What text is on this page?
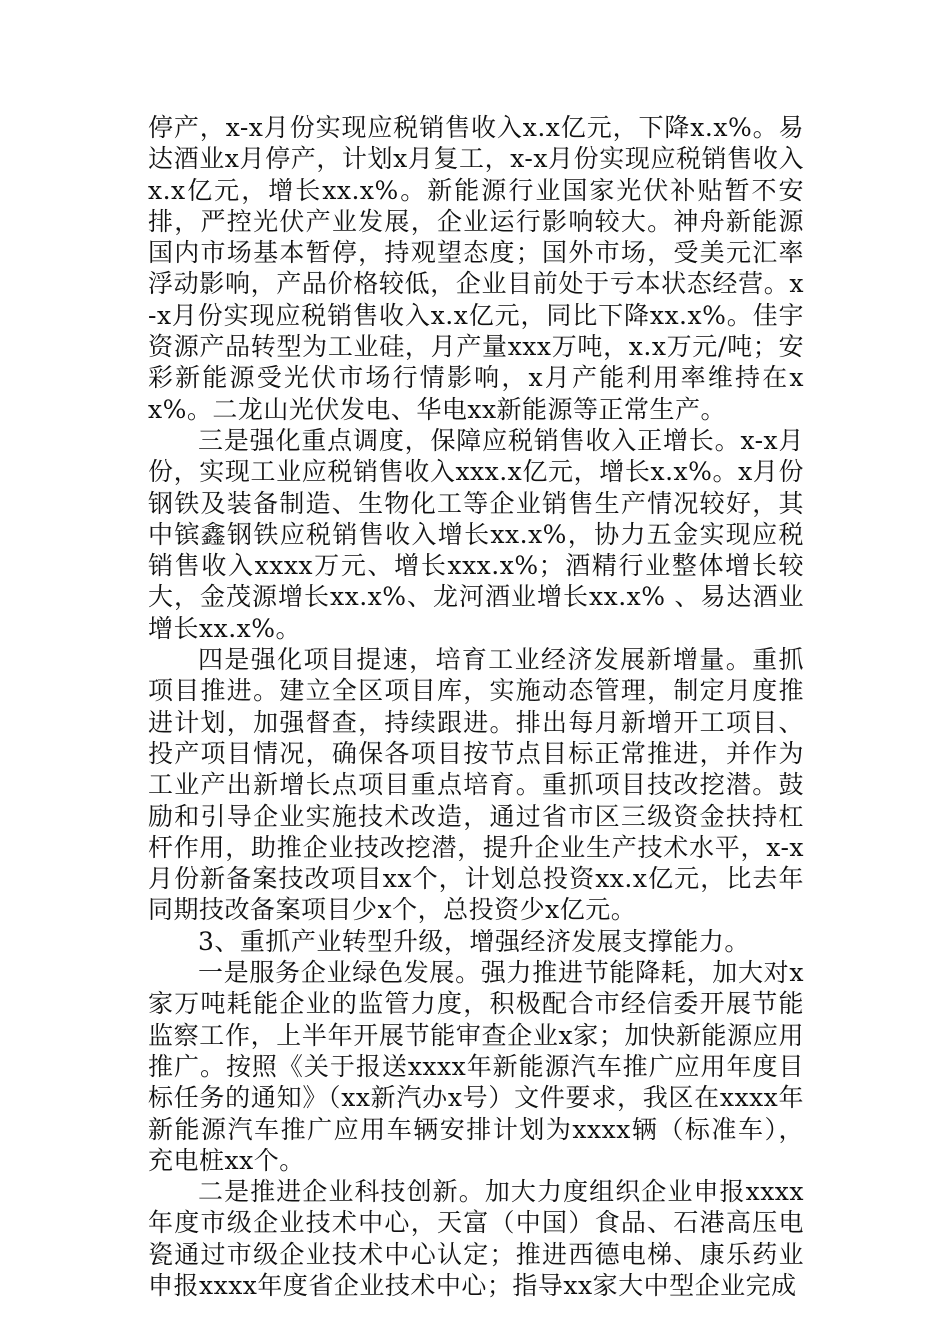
停产，x-x月份实现应税销售收入x.x亿元，下降x.x%。易达酒业x月停产，计划x月复工，x-x月份实现应税销售收入x.x亿元，增长xx.x%。新能源行业国家光伏补贴暂不安排，严控光伏产业发展，企业运行影响较大。神舟新能源国内市场基本暂停，持观望态度；国外市场，受美元汇率浮动影响，产品价格较低，企业目前处于亏本状态经营。x-x月份实现应税销售收入x.x亿元，同比下降xx.x%。佳宇资源产品转型为工业硅，月产量xxx万吨，x.x万元/吨；安彩新能源受光伏市场行情影响，x月产能利用率维持在xx%。二龙山光伏发电、华电xx新能源等正常生产。

三是强化重点调度，保障应税销售收入正增长。x-x月份，实现工业应税销售收入xxx.x亿元，增长x.x%。x月份钢铁及装备制造、生物化工等企业销售生产情况较好，其中镔鑫钢铁应税销售收入增长xx.x%，协力五金实现应税销售收入xxxx万元、增长xxx.x%；酒精行业整体增长较大，金茂源增长xx.x%、龙河酒业增长xx.x% 、易达酒业增长xx.x%。

四是强化项目提速，培育工业经济发展新增量。重抓项目推进。建立全区项目库，实施动态管理，制定月度推进计划，加强督查，持续跟进。排出每月新增开工项目、投产项目情况，确保各项目按节点目标正常推进，并作为工业产出新增长点项目重点培育。重抓项目技改挖潜。鼓励和引导企业实施技术改造，通过省市区三级资金扶持杠杆作用，助推企业技改挖潜，提升企业生产技术水平，x-x月份新备案技改项目xx个，计划总投资xx.x亿元，比去年同期技改备案项目少x个，总投资少x亿元。

3、重抓产业转型升级，增强经济发展支撑能力。

一是服务企业绿色发展。强力推进节能降耗，加大对x家万吨耗能企业的监管力度，积极配合市经信委开展节能监察工作，上半年开展节能审查企业x家；加快新能源应用推广。按照《关于报送xxxx年新能源汽车推广应用年度目标任务的通知》（xx新汽办x号）文件要求，我区在xxxx年新能源汽车推广应用车辆安排计划为xxxx辆（标准车），充电桩xx个。

二是推进企业科技创新。加大力度组织企业申报xxxx年度市级企业技术中心，天富（中国）食品、石港高压电瓷通过市级企业技术中心认定；推进西德电梯、康乐药业申报xxxx年度省企业技术中心；指导xx家大中型企业完成
